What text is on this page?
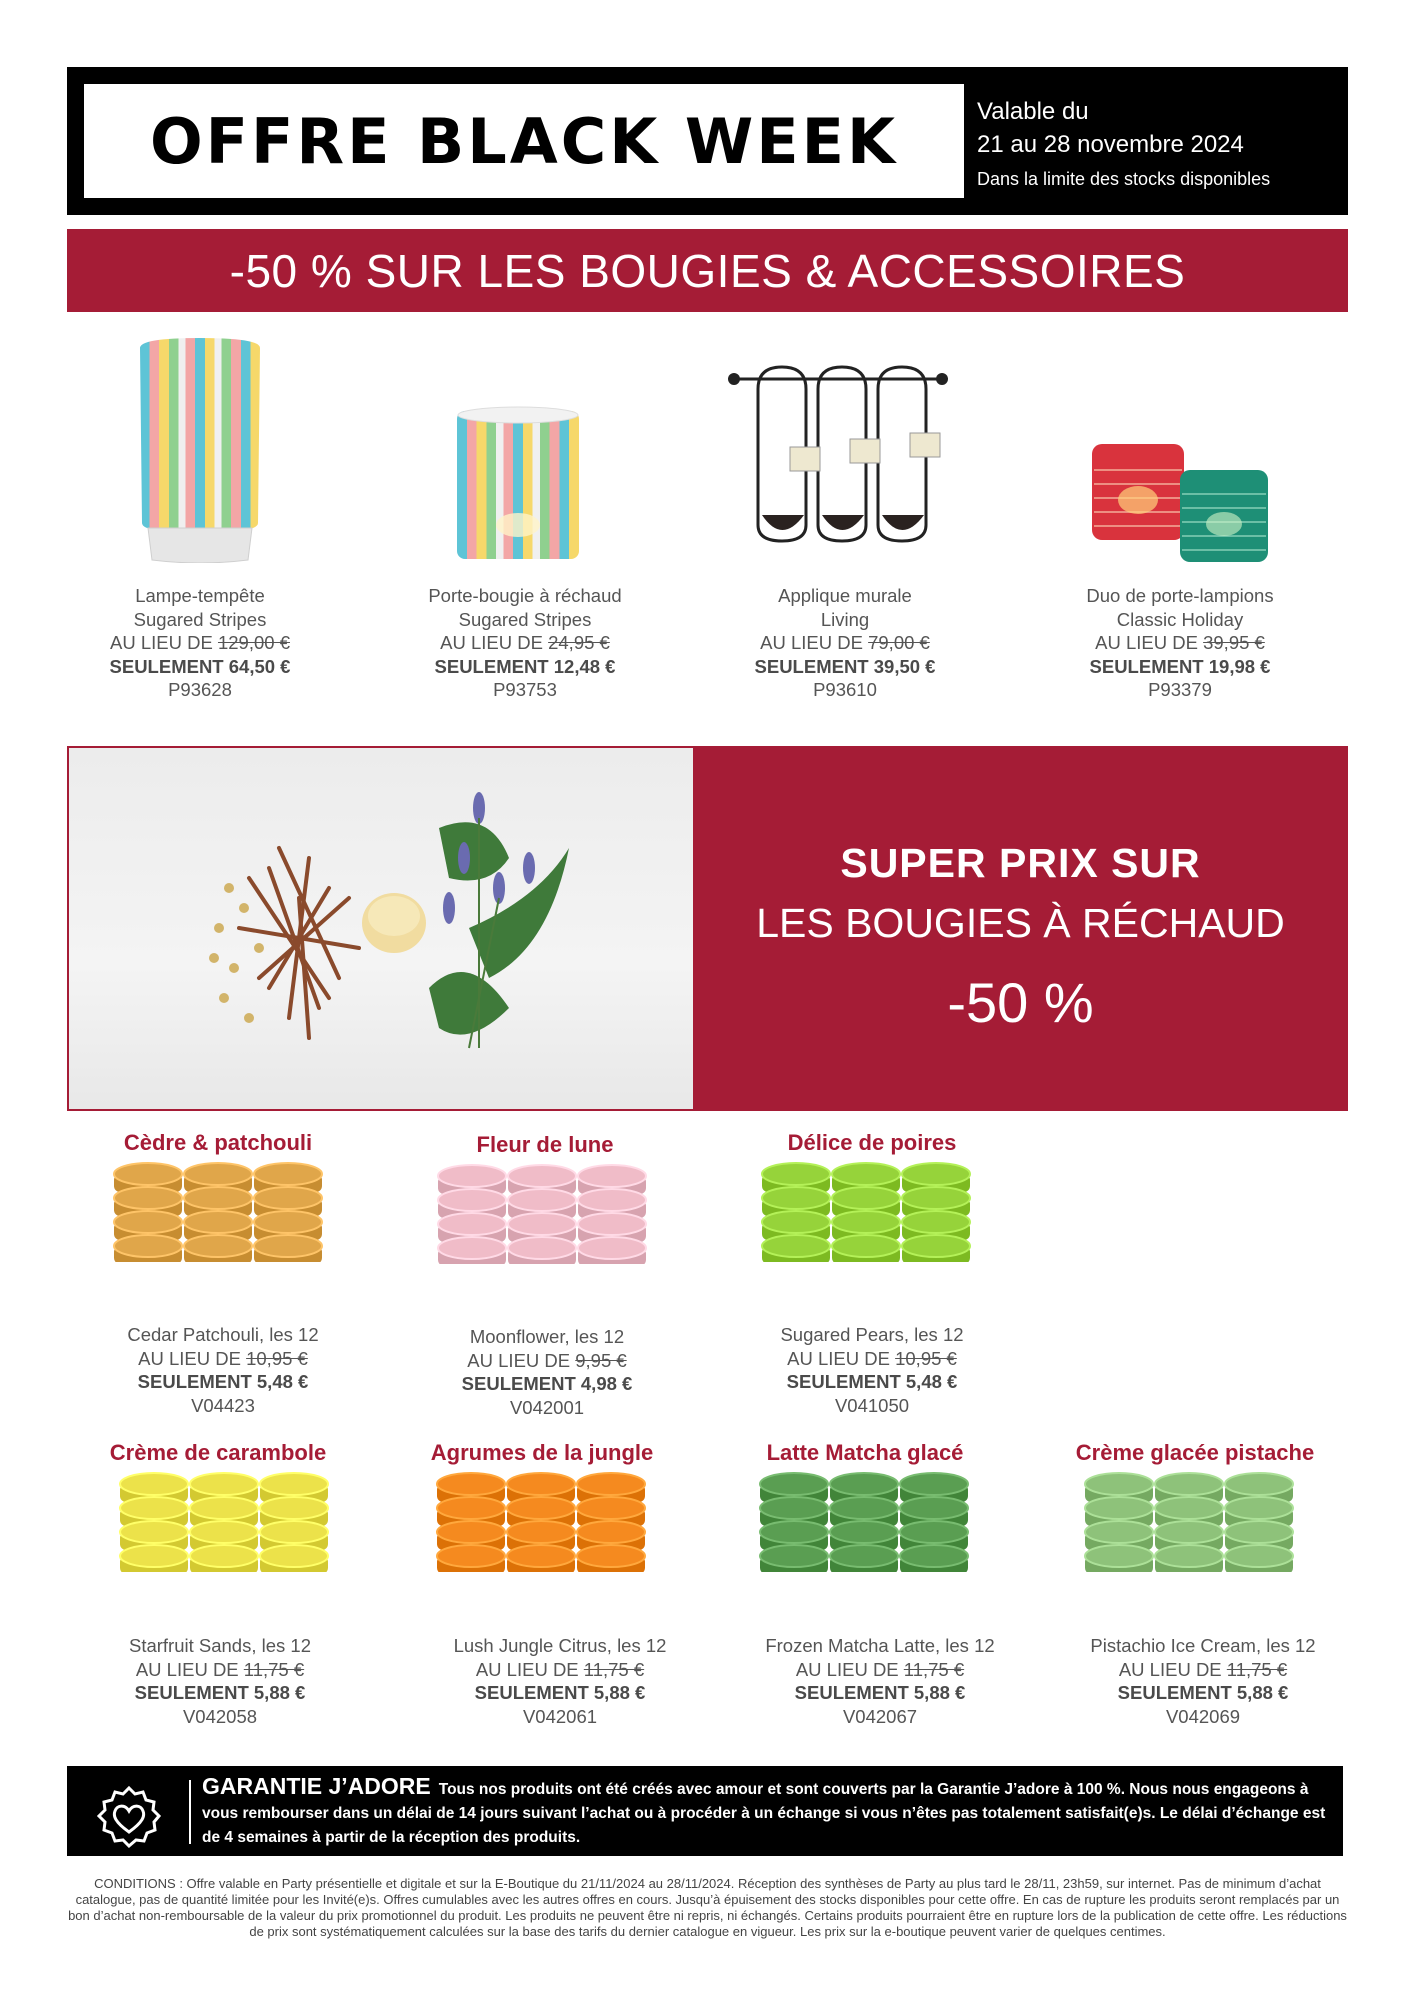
OFFRE BLACK WEEK	Valable du
21 au 28 novembre 2024
Dans la limite des stocks disponibles
-50 % SUR LES BOUGIES & ACCESSOIRES
Lampe-tempête
Sugared Stripes
AU LIEU DE 129,00 €
SEULEMENT 64,50 €
P93628
Porte-bougie à réchaud
Sugared Stripes
AU LIEU DE 24,95 €
SEULEMENT 12,48 €
P93753
Applique murale
Living
AU LIEU DE 79,00 €
SEULEMENT 39,50 €
P93610
Duo de porte-lampions
Classic Holiday
AU LIEU DE 39,95 €
SEULEMENT 19,98 €
P93379
SUPER PRIX SUR
LES BOUGIES À RÉCHAUD
-50 %
Cèdre & patchouli	Fleur de lune	Délice de poires
Crème de carambole	Agrumes de la jungle	Latte Matcha glacé	Crème glacée pistache
Cedar Patchouli, les 12
AU LIEU DE 10,95 €
SEULEMENT 5,48 €
V04423
Moonflower, les 12
AU LIEU DE 9,95 €
SEULEMENT 4,98 €
V042001
Sugared Pears, les 12
AU LIEU DE 10,95 €
SEULEMENT 5,48 €
V041050
Starfruit Sands, les 12
AU LIEU DE 11,75 €
SEULEMENT 5,88 €
V042058
Lush Jungle Citrus, les 12
AU LIEU DE 11,75 €
SEULEMENT 5,88 €
V042061
Frozen Matcha Latte, les 12
AU LIEU DE 11,75 €
SEULEMENT 5,88 €
V042067
Pistachio Ice Cream, les 12
AU LIEU DE 11,75 €
SEULEMENT 5,88 €
V042069
GARANTIE J’ADORE Tous nos produits ont été créés avec amour et sont couverts par la Garantie J’adore à 100 %. Nous nous engageons à vous rembourser dans un délai de 14 jours suivant l’achat ou à procéder à un échange si vous n’êtes pas totalement satisfait(e)s. Le délai d’échange est de 4 semaines à partir de la réception des produits.
CONDITIONS : Offre valable en Party présentielle et digitale et sur la E-Boutique du 21/11/2024 au 28/11/2024. Réception des synthèses de Party au plus tard le 28/11, 23h59, sur internet. Pas de minimum d’achat catalogue, pas de quantité limitée pour les Invité(e)s. Offres cumulables avec les autres offres en cours. Jusqu’à épuisement des stocks disponibles pour cette offre. En cas de rupture les produits seront remplacés par un bon d’achat non-remboursable de la valeur du prix promotionnel du produit. Les produits ne peuvent être ni repris, ni échangés. Certains produits pourraient être en rupture lors de la publication de cette offre. Les réductions de prix sont systématiquement calculées sur la base des tarifs du dernier catalogue en vigueur. Les prix sur la e-boutique peuvent varier de quelques centimes.
